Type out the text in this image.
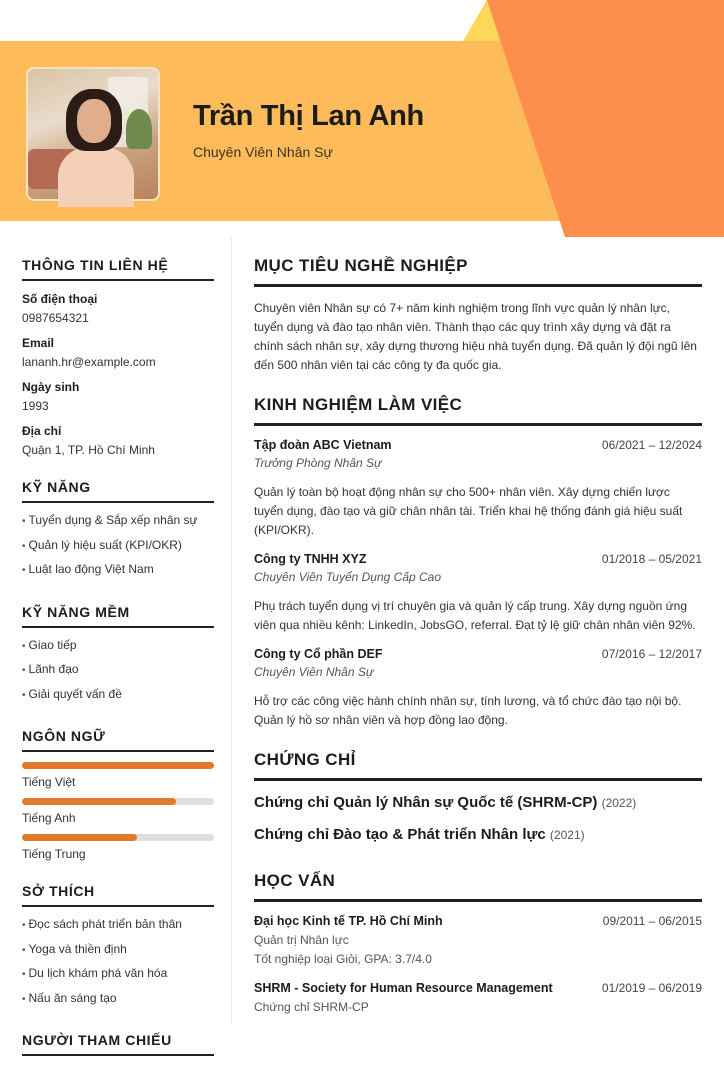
Trần Thị Lan Anh
Chuyên Viên Nhân Sự
THÔNG TIN LIÊN HỆ
Số điện thoại
0987654321
Email
lananh.hr@example.com
Ngày sinh
1993
Địa chỉ
Quận 1, TP. Hồ Chí Minh
KỸ NĂNG
• Tuyển dụng & Sắp xếp nhân sự
• Quản lý hiệu suất (KPI/OKR)
• Luật lao động Việt Nam
KỸ NĂNG MỀM
• Giao tiếp
• Lãnh đạo
• Giải quyết vấn đề
NGÔN NGỮ
Tiếng Việt
Tiếng Anh
Tiếng Trung
SỞ THÍCH
• Đọc sách phát triển bản thân
• Yoga và thiền định
• Du lịch khám phá văn hóa
• Nấu ăn sáng tạo
NGƯỜI THAM CHIẾU
MỤC TIÊU NGHỀ NGHIỆP
Chuyên viên Nhân sự có 7+ năm kinh nghiệm trong lĩnh vực quản lý nhân lực, tuyển dụng và đào tạo nhân viên. Thành thạo các quy trình xây dựng và đặt ra chính sách nhân sự, xây dựng thương hiệu nhà tuyển dụng. Đã quản lý đội ngũ lên đến 500 nhân viên tại các công ty đa quốc gia.
KINH NGHIỆM LÀM VIỆC
Tập đoàn ABC Vietnam	06/2021 – 12/2024
Trưởng Phòng Nhân Sự
Quản lý toàn bộ hoạt động nhân sự cho 500+ nhân viên. Xây dựng chiến lược tuyển dụng, đào tạo và giữ chân nhân tài. Triển khai hệ thống đánh giá hiệu suất (KPI/OKR).
Công ty TNHH XYZ	01/2018 – 05/2021
Chuyên Viên Tuyển Dụng Cấp Cao
Phụ trách tuyển dụng vị trí chuyên gia và quản lý cấp trung. Xây dựng nguồn ứng viên qua nhiều kênh: LinkedIn, JobsGO, referral. Đạt tỷ lệ giữ chân nhân viên 92%.
Công ty Cổ phần DEF	07/2016 – 12/2017
Chuyên Viên Nhân Sự
Hỗ trợ các công việc hành chính nhân sự, tính lương, và tổ chức đào tạo nội bộ. Quản lý hồ sơ nhân viên và hợp đồng lao động.
CHỨNG CHỈ
Chứng chỉ Quản lý Nhân sự Quốc tế (SHRM-CP) (2022)
Chứng chỉ Đào tạo & Phát triển Nhân lực (2021)
HỌC VẤN
Đại học Kinh tế TP. Hồ Chí Minh	09/2011 – 06/2015
Quản trị Nhân lực
Tốt nghiệp loại Giỏi, GPA: 3.7/4.0
SHRM - Society for Human Resource Management	01/2019 – 06/2019
Chứng chỉ SHRM-CP
